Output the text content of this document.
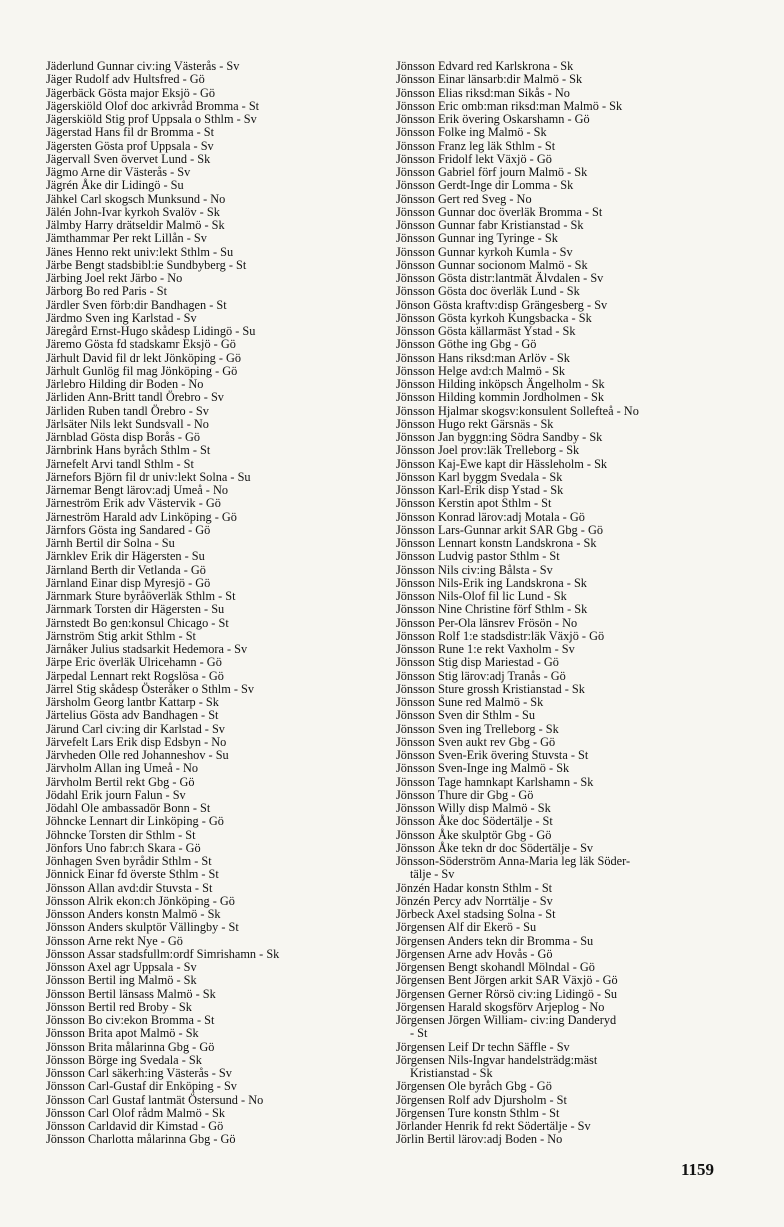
Jäderlund Gunnar civ:ing Västerås - Sv
Jäger Rudolf adv Hultsfred - Gö
Jägerbäck Gösta major Eksjö - Gö
Jägerskiöld Olof doc arkivråd Bromma - St
Jägerskiöld Stig prof Uppsala o Sthlm - Sv
Jägerstad Hans fil dr Bromma - St
Jägersten Gösta prof Uppsala - Sv
Jägervall Sven övervet Lund - Sk
Jägmo Arne dir Västerås - Sv
Jägrén Åke dir Lidingö - Su
Jähkel Carl skogsch Munksund - No
Jälén John-Ivar kyrkoh Svalöv - Sk
Jälmby Harry drätseldir Malmö - Sk
Jämthammar Per rekt Lillån - Sv
Jänes Henno rekt univ:lekt Sthlm - Su
Järbe Bengt stadsbibl:ie Sundbyberg - St
Järbing Joel rekt Järbo - No
Järborg Bo red Paris - St
Järdler Sven förb:dir Bandhagen - St
Järdmo Sven ing Karlstad - Sv
Järegård Ernst-Hugo skådesp Lidingö - Su
Järemo Gösta fd stadskamr Eksjö - Gö
Järhult David fil dr lekt Jönköping - Gö
Järhult Gunlög fil mag Jönköping - Gö
Järlebro Hilding dir Boden - No
Järliden Ann-Britt tandl Örebro - Sv
Järliden Ruben tandl Örebro - Sv
Järlsäter Nils lekt Sundsvall - No
Järnblad Gösta disp Borås - Gö
Järnbrink Hans byråch Sthlm - St
Järnefelt Arvi tandl Sthlm - St
Järnefors Björn fil dr univ:lekt Solna - Su
Järnemar Bengt lärov:adj Umeå - No
Järneström Erik adv Västervik - Gö
Järneström Harald adv Linköping - Gö
Järnfors Gösta ing Sandared - Gö
Järnh Bertil dir Solna - Su
Järnklev Erik dir Hägersten - Su
Järnland Berth dir Vetlanda - Gö
Järnland Einar disp Myresjö - Gö
Järnmark Sture byråöverläk Sthlm - St
Järnmark Torsten dir Hägersten - Su
Järnstedt Bo gen:konsul Chicago - St
Järnström Stig arkit Sthlm - St
Järnåker Julius stadsarkit Hedemora - Sv
Järpe Eric överläk Ulricehamn - Gö
Järpedal Lennart rekt Rogslösa - Gö
Järrel Stig skådesp Österåker o Sthlm - Sv
Järsholm Georg lantbr Kattarp - Sk
Järtelius Gösta adv Bandhagen - St
Järund Carl civ:ing dir Karlstad - Sv
Järvefelt Lars Erik disp Edsbyn - No
Järvheden Olle red Johanneshov - Su
Järvholm Allan ing Umeå - No
Järvholm Bertil rekt Gbg - Gö
Jödahl Erik journ Falun - Sv
Jödahl Ole ambassadör Bonn - St
Jöhncke Lennart dir Linköping - Gö
Jöhncke Torsten dir Sthlm - St
Jönfors Uno fabr:ch Skara - Gö
Jönhagen Sven byrådir Sthlm - St
Jönnick Einar fd överste Sthlm - St
Jönsson Allan avd:dir Stuvsta - St
Jönsson Alrik ekon:ch Jönköping - Gö
Jönsson Anders konstn Malmö - Sk
Jönsson Anders skulptör Vällingby - St
Jönsson Arne rekt Nye - Gö
Jönsson Assar stadsfullm:ordf Simrishamn - Sk
Jönsson Axel agr Uppsala - Sv
Jönsson Bertil ing Malmö - Sk
Jönsson Bertil länsass Malmö - Sk
Jönsson Bertil red Broby - Sk
Jönsson Bo civ:ekon Bromma - St
Jönsson Brita apot Malmö - Sk
Jönsson Brita målarinna Gbg - Gö
Jönsson Börge ing Svedala - Sk
Jönsson Carl säkerh:ing Västerås - Sv
Jönsson Carl-Gustaf dir Enköping - Sv
Jönsson Carl Gustaf lantmät Östersund - No
Jönsson Carl Olof rådm Malmö - Sk
Jönsson Carldavid dir Kimstad - Gö
Jönsson Charlotta målarinna Gbg - Gö
Jönsson Edvard red Karlskrona - Sk
Jönsson Einar länsarb:dir Malmö - Sk
Jönsson Elias riksd:man Sikås - No
Jönsson Eric omb:man riksd:man Malmö - Sk
Jönsson Erik övering Oskarshamn - Gö
Jönsson Folke ing Malmö - Sk
Jönsson Franz leg läk Sthlm - St
Jönsson Fridolf lekt Växjö - Gö
Jönsson Gabriel förf journ Malmö - Sk
Jönsson Gerdt-Inge dir Lomma - Sk
Jönsson Gert red Sveg - No
Jönsson Gunnar doc överläk Bromma - St
Jönsson Gunnar fabr Kristianstad - Sk
Jönsson Gunnar ing Tyringe - Sk
Jönsson Gunnar kyrkoh Kumla - Sv
Jönsson Gunnar socionom Malmö - Sk
Jönsson Gösta distr:lantmät Älvdalen - Sv
Jönsson Gösta doc överläk Lund - Sk
Jönson Gösta kraftv:disp Grängesberg - Sv
Jönsson Gösta kyrkoh Kungsbacka - Sk
Jönsson Gösta källarmäst Ystad - Sk
Jönsson Göthe ing Gbg - Gö
Jönsson Hans riksd:man Arlöv - Sk
Jönsson Helge avd:ch Malmö - Sk
Jönsson Hilding inköpsch Ängelholm - Sk
Jönsson Hilding kommin Jordholmen - Sk
Jönsson Hjalmar skogsv:konsulent Sollefteå - No
Jönsson Hugo rekt Gärsnäs - Sk
Jönsson Jan byggn:ing Södra Sandby - Sk
Jönsson Joel prov:läk Trelleborg - Sk
Jönsson Kaj-Ewe kapt dir Hässleholm - Sk
Jönsson Karl byggm Svedala - Sk
Jönsson Karl-Erik disp Ystad - Sk
Jönsson Kerstin apot Sthlm - St
Jönsson Konrad lärov:adj Motala - Gö
Jönsson Lars-Gunnar arkit SAR Gbg - Gö
Jönsson Lennart konstn Landskrona - Sk
Jönsson Ludvig pastor Sthlm - St
Jönsson Nils civ:ing Bålsta - Sv
Jönsson Nils-Erik ing Landskrona - Sk
Jönsson Nils-Olof fil lic Lund - Sk
Jönsson Nine Christine förf Sthlm - Sk
Jönsson Per-Ola länsrev Frösön - No
Jönsson Rolf 1:e stadsdistr:läk Växjö - Gö
Jönsson Rune 1:e rekt Vaxholm - Sv
Jönsson Stig disp Mariestad - Gö
Jönsson Stig lärov:adj Tranås - Gö
Jönsson Sture grossh Kristianstad - Sk
Jönsson Sune red Malmö - Sk
Jönsson Sven dir Sthlm - Su
Jönsson Sven ing Trelleborg - Sk
Jönsson Sven aukt rev Gbg - Gö
Jönsson Sven-Erik övering Stuvsta - St
Jönsson Sven-Inge ing Malmö - Sk
Jönsson Tage hamnkapt Karlshamn - Sk
Jönsson Thure dir Gbg - Gö
Jönsson Willy disp Malmö - Sk
Jönsson Åke doc Södertälje - St
Jönsson Åke skulptör Gbg - Gö
Jönsson Åke tekn dr doc Södertälje - Sv
Jönsson-Söderström Anna-Maria leg läk Söder-
tälje - Sv
Jönzén Hadar konstn Sthlm - St
Jönzén Percy adv Norrtälje - Sv
Jörbeck Axel stadsing Solna - St
Jörgensen Alf dir Ekerö - Su
Jörgensen Anders tekn dir Bromma - Su
Jörgensen Arne adv Hovås - Gö
Jörgensen Bengt skohandl Mölndal - Gö
Jörgensen Bent Jörgen arkit SAR Växjö - Gö
Jörgensen Gerner Rörsö civ:ing Lidingö - Su
Jörgensen Harald skogsförv Arjeplog - No
Jörgensen Jörgen William- civ:ing Danderyd
- St
Jörgensen Leif Dr techn Säffle - Sv
Jörgensen Nils-Ingvar handelsträdg:mäst
Kristianstad - Sk
Jörgensen Ole byråch Gbg - Gö
Jörgensen Rolf adv Djursholm - St
Jörgensen Ture konstn Sthlm - St
Jörlander Henrik fd rekt Södertälje - Sv
Jörlin Bertil lärov:adj Boden - No
1159
